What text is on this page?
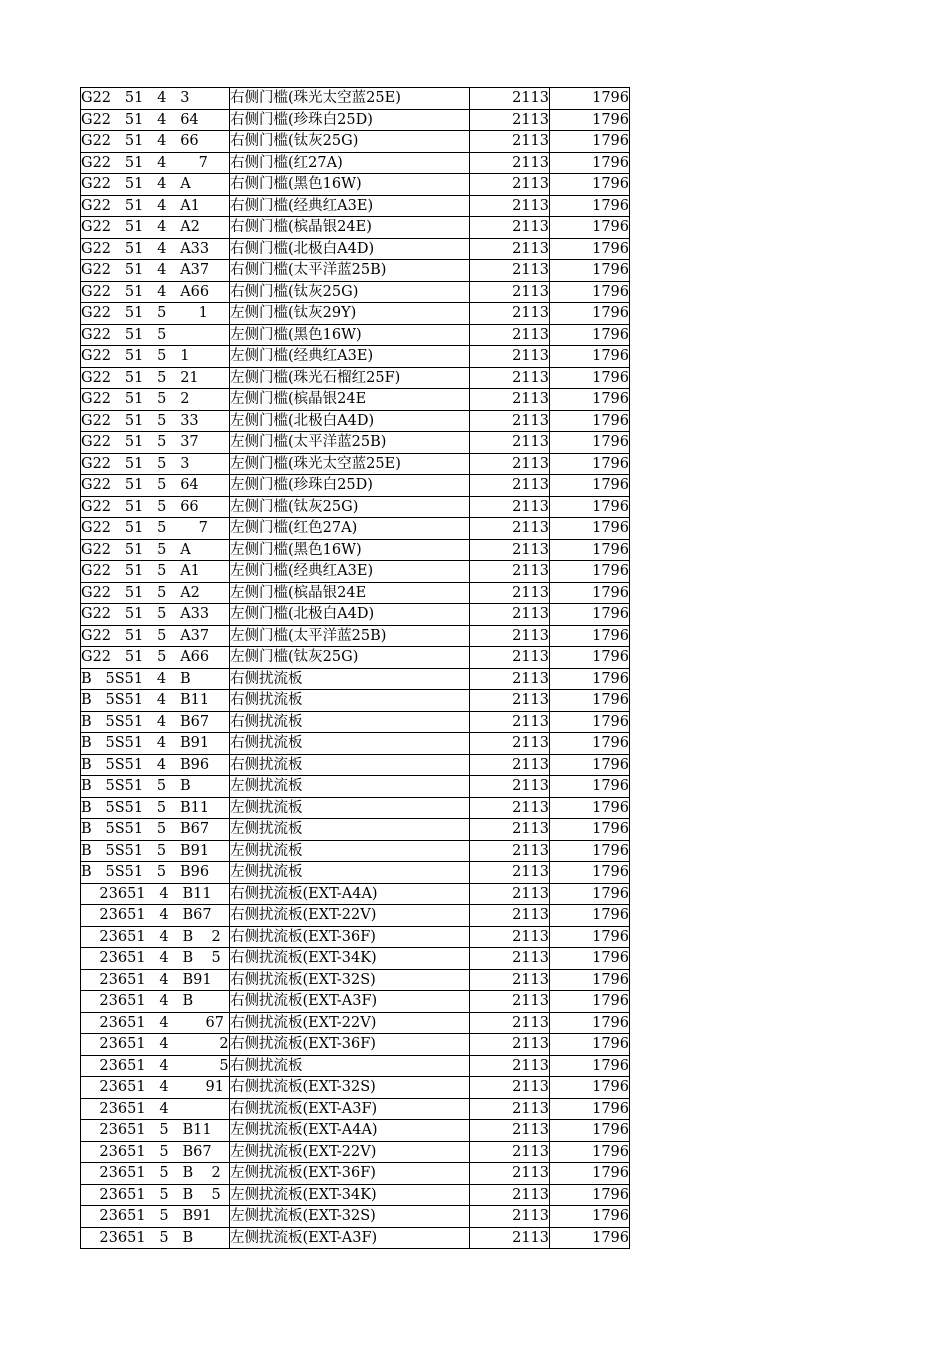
G22   51   4   3	右侧门槛(珠光太空蓝25E)	2113	1796
G22   51   4   64	右侧门槛(珍珠白25D)	2113	1796
G22   51   4   66	右侧门槛(钛灰25G)	2113	1796
G22   51   4       7	右侧门槛(红27A)	2113	1796
G22   51   4   A	右侧门槛(黑色16W)	2113	1796
G22   51   4   A1	右侧门槛(经典红A3E)	2113	1796
G22   51   4   A2	右侧门槛(槟晶银24E)	2113	1796
G22   51   4   A33	右侧门槛(北极白A4D)	2113	1796
G22   51   4   A37	右侧门槛(太平洋蓝25B)	2113	1796
G22   51   4   A66	右侧门槛(钛灰25G)	2113	1796
G22   51   5       1	左侧门槛(钛灰29Y)	2113	1796
G22   51   5	左侧门槛(黑色16W)	2113	1796
G22   51   5   1	左侧门槛(经典红A3E)	2113	1796
G22   51   5   21	左侧门槛(珠光石榴红25F)	2113	1796
G22   51   5   2	左侧门槛(槟晶银24E	2113	1796
G22   51   5   33	左侧门槛(北极白A4D)	2113	1796
G22   51   5   37	左侧门槛(太平洋蓝25B)	2113	1796
G22   51   5   3	左侧门槛(珠光太空蓝25E)	2113	1796
G22   51   5   64	左侧门槛(珍珠白25D)	2113	1796
G22   51   5   66	左侧门槛(钛灰25G)	2113	1796
G22   51   5       7	左侧门槛(红色27A)	2113	1796
G22   51   5   A	左侧门槛(黑色16W)	2113	1796
G22   51   5   A1	左侧门槛(经典红A3E)	2113	1796
G22   51   5   A2	左侧门槛(槟晶银24E	2113	1796
G22   51   5   A33	左侧门槛(北极白A4D)	2113	1796
G22   51   5   A37	左侧门槛(太平洋蓝25B)	2113	1796
G22   51   5   A66	左侧门槛(钛灰25G)	2113	1796
B   5S51   4   B	右侧扰流板	2113	1796
B   5S51   4   B11	右侧扰流板	2113	1796
B   5S51   4   B67	右侧扰流板	2113	1796
B   5S51   4   B91	右侧扰流板	2113	1796
B   5S51   4   B96	右侧扰流板	2113	1796
B   5S51   5   B	左侧扰流板	2113	1796
B   5S51   5   B11	左侧扰流板	2113	1796
B   5S51   5   B67	左侧扰流板	2113	1796
B   5S51   5   B91	左侧扰流板	2113	1796
B   5S51   5   B96	左侧扰流板	2113	1796
23651   4   B11	右侧扰流板(EXT-A4A)	2113	1796
23651   4   B67	右侧扰流板(EXT-22V)	2113	1796
23651   4   B    2	右侧扰流板(EXT-36F)	2113	1796
23651   4   B    5	右侧扰流板(EXT-34K)	2113	1796
23651   4   B91	右侧扰流板(EXT-32S)	2113	1796
23651   4   B	右侧扰流板(EXT-A3F)	2113	1796
23651   4        67	右侧扰流板(EXT-22V)	2113	1796
23651   4           2	右侧扰流板(EXT-36F)	2113	1796
23651   4           5	右侧扰流板	2113	1796
23651   4        91	右侧扰流板(EXT-32S)	2113	1796
23651   4	右侧扰流板(EXT-A3F)	2113	1796
23651   5   B11	左侧扰流板(EXT-A4A)	2113	1796
23651   5   B67	左侧扰流板(EXT-22V)	2113	1796
23651   5   B    2	左侧扰流板(EXT-36F)	2113	1796
23651   5   B    5	左侧扰流板(EXT-34K)	2113	1796
23651   5   B91	左侧扰流板(EXT-32S)	2113	1796
23651   5   B	左侧扰流板(EXT-A3F)	2113	1796
